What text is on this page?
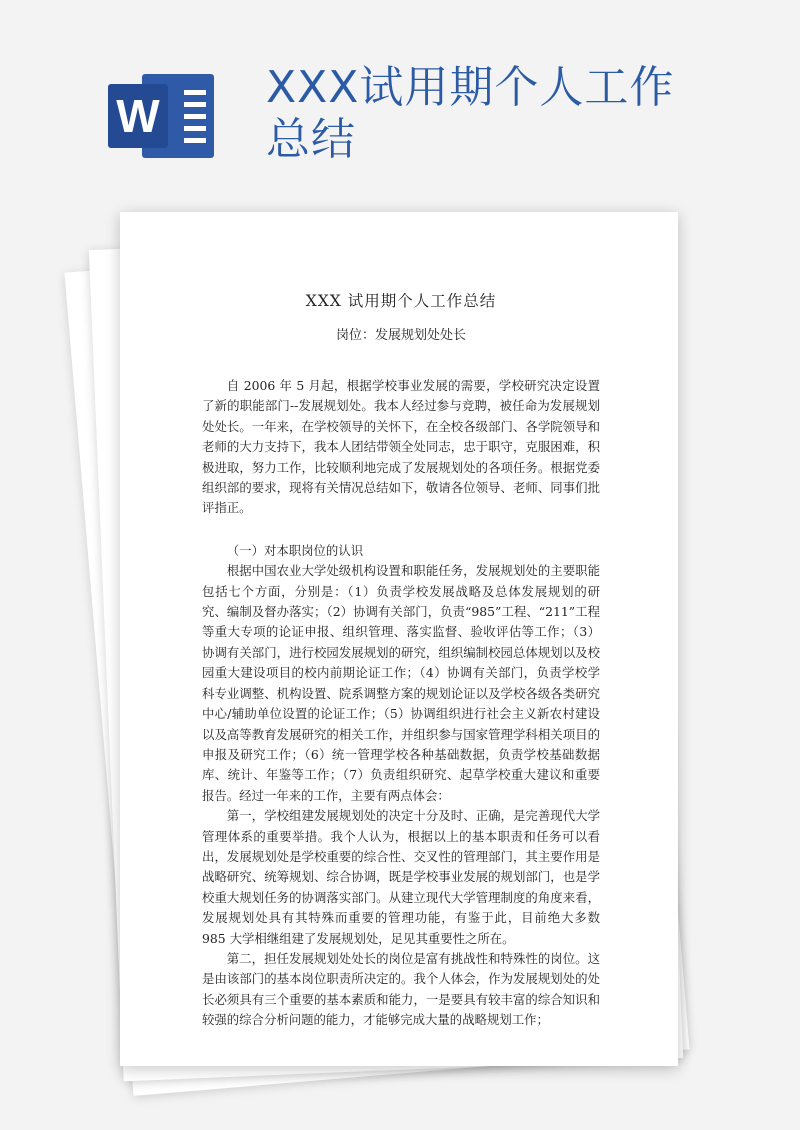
W
XXX试用期个人工作总结
XXX 试用期个人工作总结

岗位：发展规划处处长

自 2006 年 5 月起，根据学校事业发展的需要，学校研究决定设置了新的职能部门--发展规划处。我本人经过参与竞聘，被任命为发展规划处处长。一年来，在学校领导的关怀下，在全校各级部门、各学院领导和老师的大力支持下，我本人团结带领全处同志，忠于职守，克服困难，积极进取，努力工作，比较顺利地完成了发展规划处的各项任务。根据党委组织部的要求，现将有关情况总结如下，敬请各位领导、老师、同事们批评指正。

（一）对本职岗位的认识

根据中国农业大学处级机构设置和职能任务，发展规划处的主要职能包括七个方面，分别是：（1）负责学校发展战略及总体发展规划的研究、编制及督办落实；（2）协调有关部门，负责“985”工程、“211”工程等重大专项的论证申报、组织管理、落实监督、验收评估等工作；（3）协调有关部门，进行校园发展规划的研究，组织编制校园总体规划以及校园重大建设项目的校内前期论证工作；（4）协调有关部门，负责学校学科专业调整、机构设置、院系调整方案的规划论证以及学校各级各类研究中心/辅助单位设置的论证工作；（5）协调组织进行社会主义新农村建设以及高等教育发展研究的相关工作，并组织参与国家管理学科相关项目的申报及研究工作；（6）统一管理学校各种基础数据，负责学校基础数据库、统计、年鉴等工作；（7）负责组织研究、起草学校重大建议和重要报告。经过一年来的工作，主要有两点体会：

第一，学校组建发展规划处的决定十分及时、正确，是完善现代大学管理体系的重要举措。我个人认为，根据以上的基本职责和任务可以看出，发展规划处是学校重要的综合性、交叉性的管理部门，其主要作用是战略研究、统筹规划、综合协调，既是学校事业发展的规划部门，也是学校重大规划任务的协调落实部门。从建立现代大学管理制度的角度来看，发展规划处具有其特殊而重要的管理功能，有鉴于此，目前绝大多数 985 大学相继组建了发展规划处，足见其重要性之所在。

第二，担任发展规划处处长的岗位是富有挑战性和特殊性的岗位。这是由该部门的基本岗位职责所决定的。我个人体会，作为发展规划处的处长必须具有三个重要的基本素质和能力，一是要具有较丰富的综合知识和较强的综合分析问题的能力，才能够完成大量的战略规划工作；
